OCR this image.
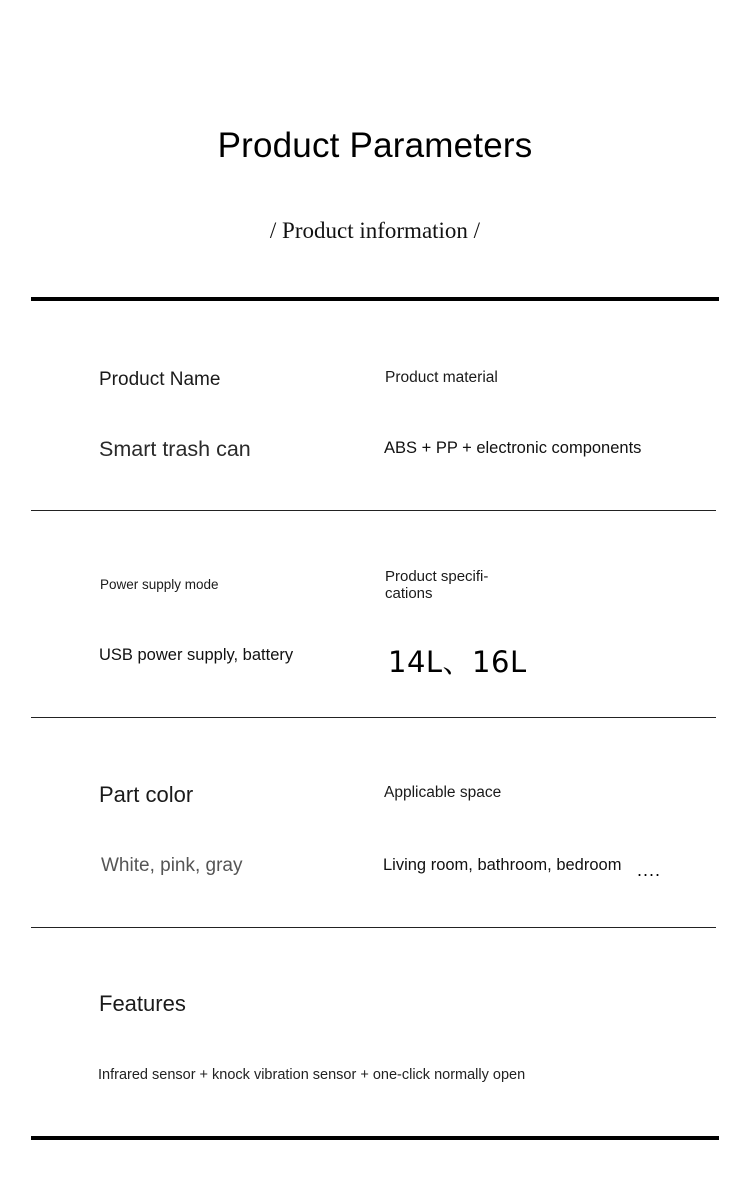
Product Parameters
/ Product information /
Product Name	Product material
Smart trash can	ABS + PP + electronic components
Power supply mode	Product specifi-cations
USB power supply, battery	14L、16L
Part color	Applicable space
White, pink, gray	Living room, bathroom, bedroom ....
Features
Infrared sensor + knock vibration sensor + one-click normally open
